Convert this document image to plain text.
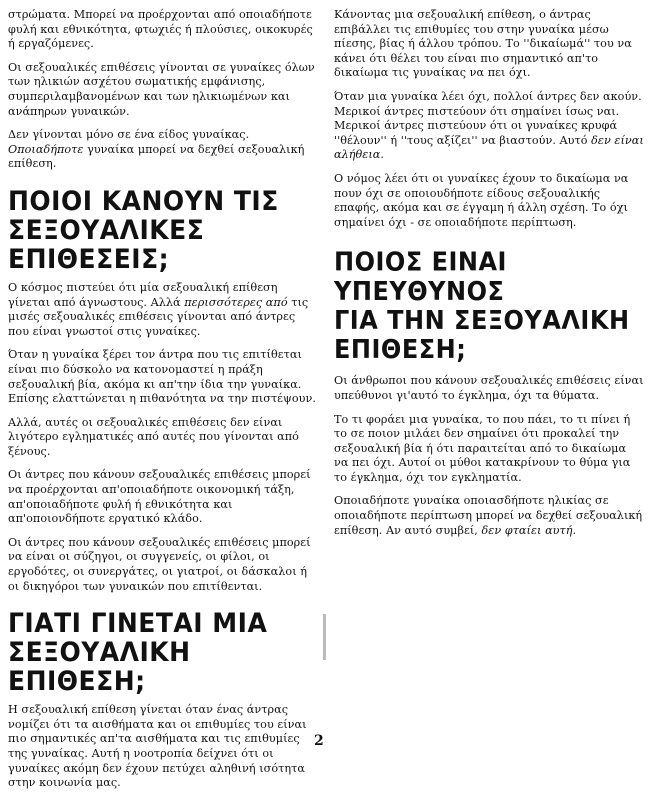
στρώματα. Μπορεί να προέρχονται από οποιαδήποτε φυλή και εθνικότητα, φτωχιές ή πλούσιες, οικοκυρές ή εργαζόμενες.

Οι σεξουαλικές επιθέσεις γίνονται σε γυναίκες όλων των ηλικιών ασχέτου σωματικής εμφάνισης, συμπεριλαμβανομένων και των ηλικιωμένων και ανάπηρων γυναικών.

Δεν γίνονται μόνο σε ένα είδος γυναίκας. Οποιαδήποτε γυναίκα μπορεί να δεχθεί σεξουαλική επίθεση.

ΠΟΙΟΙ ΚΑΝΟΥΝ ΤΙΣ
ΣΕΞΟΥΑΛΙΚΕΣ ΕΠΙΘΕΣΕΙΣ;

Ο κόσμος πιστεύει ότι μία σεξουαλική επίθεση γίνεται από άγνωστους. Αλλά περισσότερες από τις μισές σεξουαλικές επιθέσεις γίνονται από άντρες που είναι γνωστοί στις γυναίκες.

Όταν η γυναίκα ξέρει τον άντρα που τις επιτίθεται είναι πιο δύσκολο να κατονομαστεί η πράξη σεξουαλική βία, ακόμα κι απ'την ίδια την γυναίκα. Επίσης ελαττώνεται η πιθανότητα να την πιστέψουν.

Αλλά, αυτές οι σεξουαλικές επιθέσεις δεν είναι λιγότερο εγληματικές από αυτές που γίνονται από ξένους.

Οι άντρες που κάνουν σεξουαλικές επιθέσεις μπορεί να προέρχονται απ'οποιαδήποτε οικονομική τάξη, απ'οποιαδήποτε φυλή ή εθνικότητα και απ'οποιονδήποτε εργατικό κλάδο.

Οι άντρες που κάνουν σεξουαλικές επιθέσεις μπορεί να είναι οι σύζηγοι, οι συγγενείς, οι φίλοι, οι εργοδότες, οι συνεργάτες, οι γιατροί, οι δάσκαλοι ή οι δικηγόροι των γυναικών που επιτίθενται.

ΓΙΑΤΙ ΓΙΝΕΤΑΙ ΜΙΑ
ΣΕΞΟΥΑΛΙΚΗ ΕΠΙΘΕΣΗ;

Η σεξουαλική επίθεση γίνεται όταν ένας άντρας νομίζει ότι τα αισθήματα και οι επιθυμίες του είναι πιο σημαντικές απ'τα αισθήματα και τις επιθυμίες της γυναίκας. Αυτή η νοοτροπία δείχνει ότι οι γυναίκες ακόμη δεν έχουν πετύχει αληθινή ισότητα στην κοινωνία μας.

Κάνοντας μια σεξουαλική επίθεση, ο άντρας επιβάλλει τις επιθυμίες του στην γυναίκα μέσω πίεσης, βίας ή άλλου τρόπου. Το ''δικαίωμά'' του να κάνει ότι θέλει του είναι πιο σημαντικό απ'το δικαίωμα τις γυναίκας να πει όχι.

Όταν μια γυναίκα λέει όχι, πολλοί άντρες δεν ακούν. Μερικοί άντρες πιστεύουν ότι σημαίνει ίσως ναι. Μερικοί άντρες πιστεύουν ότι οι γυναίκες κρυφά ''θέλουν'' ή ''τους αξίζει'' να βιαστούν. Αυτό δεν είναι αλήθεια.

Ο νόμος λέει ότι οι γυναίκες έχουν το δικαίωμα να πουν όχι σε οποιουδήποτε είδους σεξουαλικής επαφής, ακόμα και σε έγγαμη ή άλλη σχέση. Το όχι σημαίνει όχι - σε οποιαδήποτε περίπτωση.

ΠΟΙΟΣ ΕΙΝΑΙ ΥΠΕΥΘΥΝΟΣ
ΓΙΑ ΤΗΝ ΣΕΞΟΥΑΛΙΚΗ
ΕΠΙΘΕΣΗ;

Οι άνθρωποι που κάνουν σεξουαλικές επιθέσεις είναι υπεύθυνοι γι'αυτό το έγκλημα, όχι τα θύματα.

Το τι φοράει μια γυναίκα, το που πάει, το τι πίνει ή το σε ποιον μιλάει δεν σημαίνει ότι προκαλεί την σεξουαλική βία ή ότι παραιτείται από το δικαίωμα να πει όχι. Αυτοί οι μύθοι κατακρίνουν το θύμα για το έγκλημα, όχι τον εγκληματία.

Οποιαδήποτε γυναίκα οποιασδήποτε ηλικίας σε οποιαδήποτε περίπτωση μπορεί να δεχθεί σεξουαλική επίθεση. Αν αυτό συμβεί, δεν φταίει αυτή.

2
